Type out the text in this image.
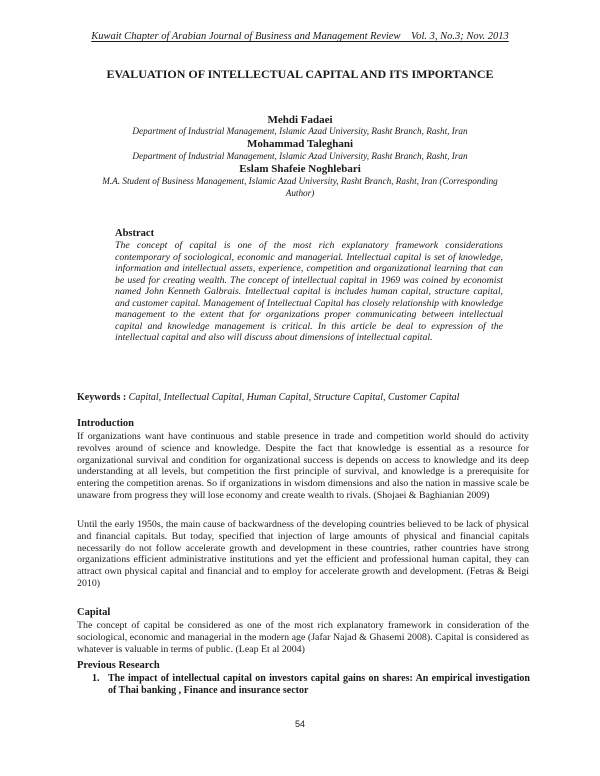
Kuwait Chapter of Arabian Journal of Business and Management Review Vol. 3, No.3; Nov. 2013
EVALUATION OF INTELLECTUAL CAPITAL AND ITS IMPORTANCE
Mehdi Fadaei
Department of Industrial Management, Islamic Azad University, Rasht Branch, Rasht, Iran
Mohammad Taleghani
Department of Industrial Management, Islamic Azad University, Rasht Branch, Rasht, Iran
Eslam Shafeie Noghlebari
M.A. Student of Business Management, Islamic Azad University, Rasht Branch, Rasht, Iran (Corresponding Author)
Abstract
The concept of capital is one of the most rich explanatory framework considerations contemporary of sociological, economic and managerial. Intellectual capital is set of knowledge, information and intellectual assets, experience, competition and organizational learning that can be used for creating wealth. The concept of intellectual capital in 1969 was coined by economist named John Kenneth Galbrais. Intellectual capital is includes human capital, structure capital, and customer capital. Management of Intellectual Capital has closely relationship with knowledge management to the extent that for organizations proper communicating between intellectual capital and knowledge management is critical. In this article be deal to expression of the intellectual capital and also will discuss about dimensions of intellectual capital.
Keywords : Capital, Intellectual Capital, Human Capital, Structure Capital, Customer Capital
Introduction
If organizations want have continuous and stable presence in trade and competition world should do activity revolves around of science and knowledge. Despite the fact that knowledge is essential as a resource for organizational survival and condition for organizational success is depends on access to knowledge and its deep understanding at all levels, but competition the first principle of survival, and knowledge is a prerequisite for entering the competition arenas. So if organizations in wisdom dimensions and also the nation in massive scale be unaware from progress they will lose economy and create wealth to rivals. (Shojaei & Baghianian 2009)
Until the early 1950s, the main cause of backwardness of the developing countries believed to be lack of physical and financial capitals. But today, specified that injection of large amounts of physical and financial capitals necessarily do not follow accelerate growth and development in these countries, rather countries have strong organizations efficient administrative institutions and yet the efficient and professional human capital, they can attract own physical capital and financial and to employ for accelerate growth and development. (Fetras & Beigi 2010)
Capital
The concept of capital be considered as one of the most rich explanatory framework in consideration of the sociological, economic and managerial in the modern age (Jafar Najad & Ghasemi 2008). Capital is considered as whatever is valuable in terms of public. (Leap Et al 2004)
Previous Research
1. The impact of intellectual capital on investors capital gains on shares: An empirical investigation of Thai banking , Finance and insurance sector
54
